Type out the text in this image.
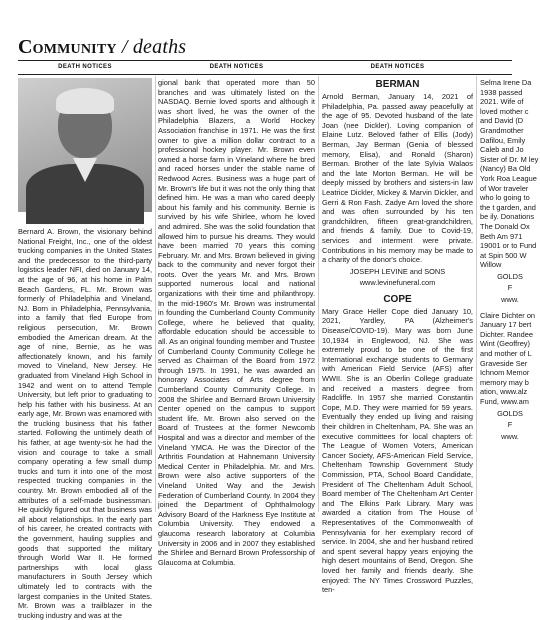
Community / deaths
DEATH NOTICES	DEATH NOTICES	DEATH NOTICES

Bernard A. Brown, the visionary behind National Freight, Inc., one of the oldest trucking companies in the United States and the predecessor to the third-party logistics leader NFI, died on January 14, at the age of 96, at his home in Palm Beach Gardens, FL. Mr. Brown was formerly of Philadelphia and Vineland, NJ. Born in Philadelphia, Pennsylvania, into a family that fled Europe from religious persecution, Mr. Brown embodied the American dream. At the age of nine, Bernie, as he was affectionately known, and his family moved to Vineland, New Jersey. He graduated from Vineland High School in 1942 and went on to attend Temple University, but left prior to graduating to help his father with his business. At an early age, Mr. Brown was enamored with the trucking business that his father started. Following the untimely death of his father, at age twenty-six he had the vision and courage to take a small company operating a few small dump trucks and turn it into one of the most respected trucking companies in the country. Mr. Brown embodied all of the attributes of a self-made businessman. He quickly figured out that business was all about relationships. In the early part of his career, he created contracts with the government, hauling supplies and goods that supported the military through World War II. He formed partnerships with local glass manufacturers in South Jersey which ultimately led to contracts with the largest companies in the United States. Mr. Brown was a trailblazer in the trucking industry and was at the

gional bank that operated more than 50 branches and was ultimately listed on the NASDAQ. Bernie loved sports and although it was short lived, he was the owner of the Philadelphia Blazers, a World Hockey Association franchise in 1971. He was the first owner to give a million dollar contract to a professional hockey player. Mr. Brown even owned a horse farm in Vineland where he bred and raced horses under the stable name of Redwood Acres. Business was a huge part of Mr. Brown's life but it was not the only thing that defined him. He was a man who cared deeply about his family and his community. Bernie is survived by his wife Shirlee, whom he loved and admired. She was the solid foundation that allowed him to pursue his dreams. They would have been married 70 years this coming February. Mr. and Mrs. Brown believed in giving back to the community and never forgot their roots. Over the years Mr. and Mrs. Brown supported numerous local and national organizations with their time and philanthropy. In the mid-1960's Mr. Brown was instrumental in founding the Cumberland County Community College, where he believed that quality, affordable education should be accessible to all. As an original founding member and Trustee of Cumberland County Community College he served as Chairman of the Board from 1972 through 1975. In 1991, he was awarded an honorary Associates of Arts degree from Cumberland County Community College. In 2008 the Shirlee and Bernard Brown University Center opened on the campus to support student life. Mr. Brown also served on the Board of Trustees at the former Newcomb Hospital and was a director and member of the Vineland YMCA. He was the Director of the Arthritis Foundation at Hahnemann University Medical Center in Philadelphia. Mr. and Mrs. Brown were also active supporters of the Vineland United Way and the Jewish Federation of Cumberland County. In 2004 they joined the Department of Ophthalmology Advisory Board of the Harkness Eye Institute at Columbia University. They endowed a glaucoma research laboratory at Columbia University in 2006 and in 2007 they established the Shirlee and Bernard Brown Professorship of Glaucoma at Columbia.

BERMAN

Arnold Berman, January 14, 2021 of Philadelphia, Pa. passed away peacefully at the age of 95. Devoted husband of the late Joan (nee Dickler). Loving companion of Elaine Lutz. Beloved father of Ellis (Jody) Berman, Jay Berman (Genia of blessed memory, Elisa), and Ronald (Sharon) Berman. Brother of the late Sylvia Walaos and the late Morton Berman. He will be deeply missed by brothers and sisters-in law Leatrice Dickler, Mickey & Marvin Dickler, and Gerri & Ron Fash. Zadye Arn loved the shore and was often surrounded by his ten grandchildren, fifteen great-grandchildren, and friends & family. Due to Covid-19, services and interment were private. Contributions in his memory may be made to a charity of the donor's choice.

JOSEPH LEVINE and SONS

www.levinefuneral.com

COPE

Mary Grace Heller Cope died January 10, 2021, Yardley, PA (Alzheimer's Disease/COVID-19). Mary was born June 10,1934 in Englewood, NJ. She was extremely proud to be one of the first International exchange students to Germany with American Field Service (AFS) after WWII. She is an Oberlin College graduate and received a masters degree from Radcliffe. In 1957 she married Constantin Cope, M.D. They were married for 59 years. Eventually they ended up living and raising their children in Cheltenham, PA. She was an executive committees for local chapters of: The League of Women Voters, American Cancer Society, AFS-American Field Service, Cheltenham Township Government Study Commission, PTA, School Board Candidate, President of The Cheltenham Adult School, Board member of The Cheltenham Art Center and The Elkins Park Library. Mary was awarded a citation from The House of Representatives of the Commonwealth of Pennsylvania for her exemplary record of service. In 2004, she and her husband retired and spent several happy years enjoying the high desert mountains of Bend, Oregon. She loved her family and friends dearly. She enjoyed: The NY Times Crossword Puzzles, ten-

Selma Irene Da 1938 passed 2021. Wife of loved mother c and David (D Grandmother Dafilou, Emily Caleb and Jo Sister of Dr. M ley (Nancy) Ba Old York Roa League of Wor traveler who lo going to the t garden, and be ily. Donations The Donald Ox Beth Am 971 19001 or to Fund at Spin 500 W Willow

GOLDS

F

www.

Claire Dichter on January 17 bert Dichter. Randee Wint (Geoffrey) and mother of L Graveside Ser Ichnom Memor memory may b ation, www.alz Fund, www.am

GOLDS

F

www.
